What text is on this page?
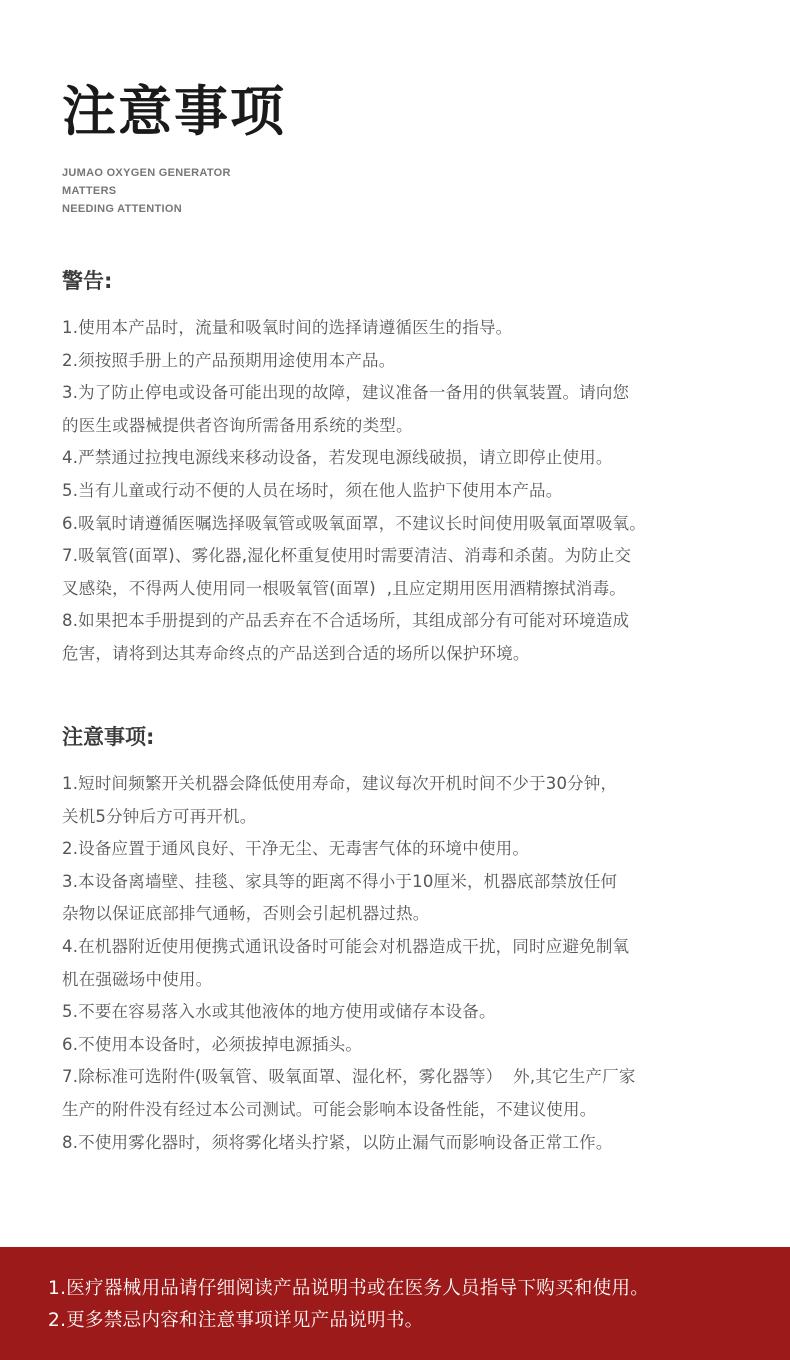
注意事项
JUMAO OXYGEN GENERATOR
MATTERS
NEEDING ATTENTION
警告:

1.使用本产品时，流量和吸氧时间的选择请遵循医生的指导。

2.须按照手册上的产品预期用途使用本产品。

3.为了防止停电或设备可能出现的故障，建议准备一备用的供氧装置。请向您

的医生或器械提供者咨询所需备用系统的类型。

4.严禁通过拉拽电源线来移动设备，若发现电源线破损，请立即停止使用。

5.当有儿童或行动不便的人员在场时，须在他人监护下使用本产品。

6.吸氧时请遵循医嘱选择吸氧管或吸氧面罩，不建议长时间使用吸氧面罩吸氧。

7.吸氧管(面罩)、雾化器,湿化杯重复使用时需要清洁、消毒和杀菌。为防止交

叉感染，不得两人使用同一根吸氧管(面罩)  ,且应定期用医用酒精擦拭消毒。

8.如果把本手册提到的产品丢弃在不合适场所，其组成部分有可能对环境造成

危害，请将到达其寿命终点的产品送到合适的场所以保护环境。

注意事项:

1.短时间频繁开关机器会降低使用寿命，建议每次开机时间不少于30分钟，

关机5分钟后方可再开机。

2.设备应置于通风良好、干净无尘、无毒害气体的环境中使用。

3.本设备离墙壁、挂毯、家具等的距离不得小于10厘米，机器底部禁放任何

杂物以保证底部排气通畅，否则会引起机器过热。

4.在机器附近使用便携式通讯设备时可能会对机器造成干扰，同时应避免制氧

机在强磁场中使用。

5.不要在容易落入水或其他液体的地方使用或储存本设备。

6.不使用本设备时，必须拔掉电源插头。

7.除标准可选附件(吸氧管、吸氧面罩、湿化杯，雾化器等）  外,其它生产厂家

生产的附件没有经过本公司测试。可能会影响本设备性能，不建议使用。

8.不使用雾化器时，须将雾化堵头拧紧，以防止漏气而影响设备正常工作。

1.医疗器械用品请仔细阅读产品说明书或在医务人员指导下购买和使用。

2.更多禁忌内容和注意事项详见产品说明书。
